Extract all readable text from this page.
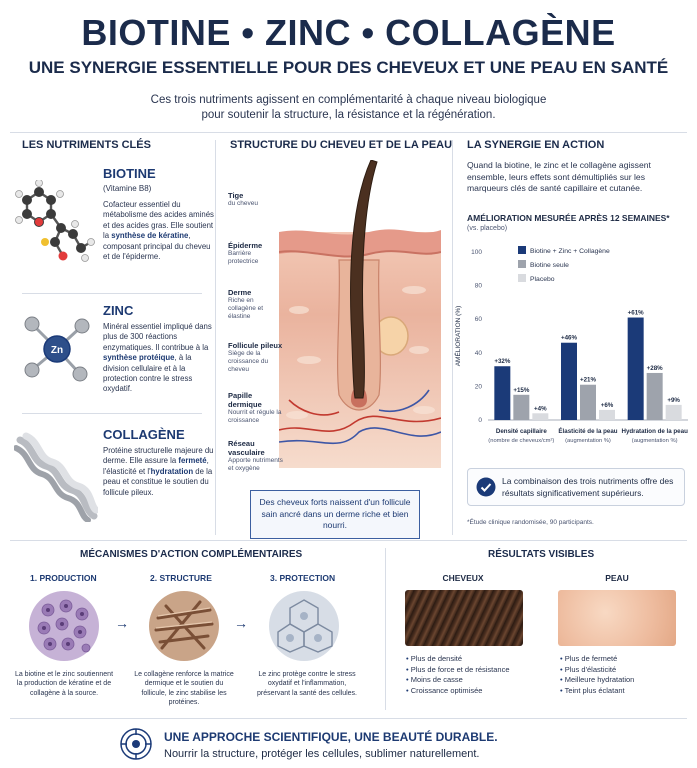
BIOTINE • ZINC • COLLAGÈNE
UNE SYNERGIE ESSENTIELLE POUR DES CHEVEUX ET UNE PEAU EN SANTÉ
Ces trois nutriments agissent en complémentarité à chaque niveau biologique
pour soutenir la structure, la résistance et la régénération.
LES NUTRIMENTS CLÉS
BIOTINE
(Vitamine B8)
Cofacteur essentiel du métabolisme des acides aminés et des acides gras. Elle soutient la synthèse de kératine, composant principal du cheveu et de l'épiderme.
Zn
ZINC
Minéral essentiel impliqué dans plus de 300 réactions enzymatiques. Il contribue à la synthèse protéique, à la division cellulaire et à la protection contre le stress oxydatif.
COLLAGÈNE
Protéine structurelle majeure du derme. Elle assure la fermeté, l'élasticité et l'hydratation de la peau et constitue le soutien du follicule pileux.
STRUCTURE DU CHEVEU ET DE LA PEAU
Tige
du cheveu
Épiderme
Barrière protectrice
Derme
Riche en collagène et élastine
Follicule pileux
Siège de la croissance du cheveu
Papille dermique
Nourrit et régule la croissance
Réseau vasculaire
Apporte nutriments et oxygène
Des cheveux forts naissent d'un follicule sain ancré dans un derme riche et bien nourri.
LA SYNERGIE EN ACTION
Quand la biotine, le zinc et le collagène agissent ensemble, leurs effets sont démultipliés sur les marqueurs clés de santé capillaire et cutanée.
AMÉLIORATION MESURÉE APRÈS 12 SEMAINES*
(vs. placebo)
AMÉLIORATION (%)
0
20
40
60
80
100
+32%
+15%
+4%
Densité capillaire
(nombre de cheveux/cm²)
+46%
+21%
+6%
Élasticité de la peau
(augmentation %)
+61%
+28%
+9%
Hydratation de la peau
(augmentation %)
Biotine + Zinc + Collagène
Biotine seule
Placebo
La combinaison des trois nutriments offre des résultats significativement supérieurs.
*Étude clinique randomisée, 90 participants.
MÉCANISMES D'ACTION COMPLÉMENTAIRES
1. PRODUCTION	2. STRUCTURE	3. PROTECTION
→	→
La biotine et le zinc soutiennent la production de kératine et de collagène à la source.
Le collagène renforce la matrice dermique et le soutien du follicule, le zinc stabilise les protéines.
Le zinc protège contre le stress oxydatif et l'inflammation, préservant la santé des cellules.
RÉSULTATS VISIBLES
CHEVEUX	PEAU
• Plus de densité
• Plus de force et de résistance
• Moins de casse
• Croissance optimisée
• Plus de fermeté
• Plus d'élasticité
• Meilleure hydratation
• Teint plus éclatant
UNE APPROCHE SCIENTIFIQUE, UNE BEAUTÉ DURABLE.
Nourrir la structure, protéger les cellules, sublimer naturellement.
